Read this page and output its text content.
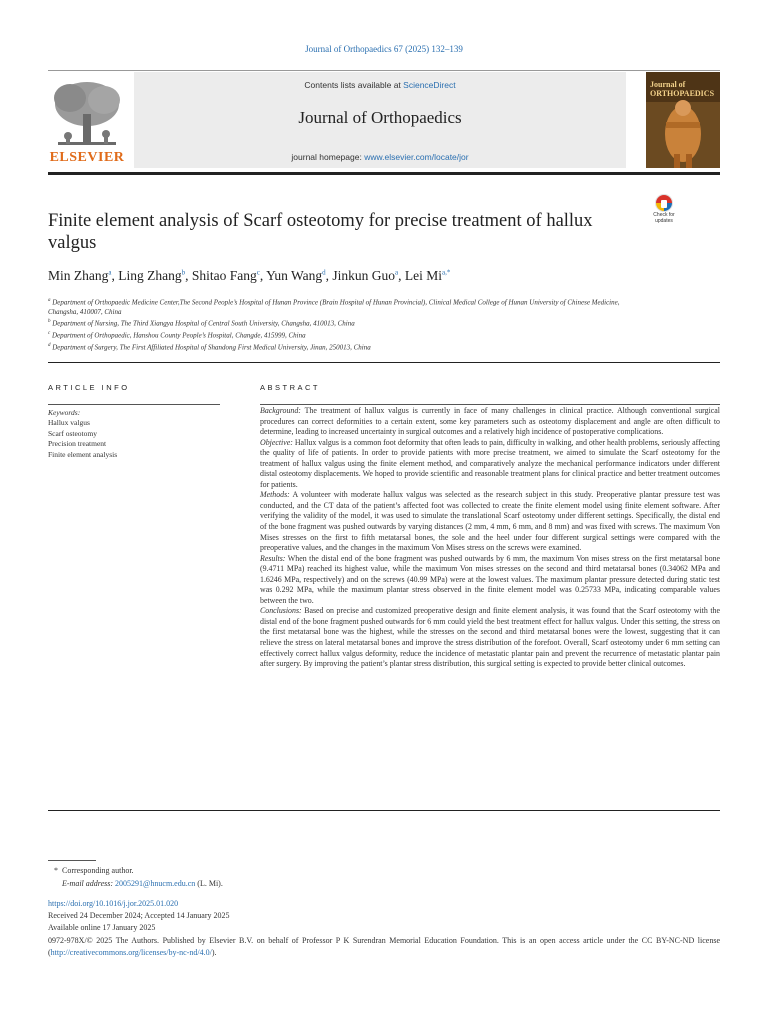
Journal of Orthopaedics 67 (2025) 132–139
ELSEVIER
Contents lists available at ScienceDirect
Journal of Orthopaedics
journal homepage: www.elsevier.com/locate/jor
Journal of ORTHOPAEDICS
Finite element analysis of Scarf osteotomy for precise treatment of hallux valgus
Check for updates
Min Zhang$^a$, Ling Zhang$^b$, Shitao Fang$^c$, Yun Wang$^d$, Jinkun Guo$^a$, Lei $Mi^{a,*}$
$^a$ Department of Orthopaedic Medicine Center,The Second People’s Hospital of Hunan Province (Brain Hospital of Hunan Provincial), Clinical Medical College of Hunan University of Chinese Medicine, Changsha, 410007, China
$^b$ Department of Nursing, The Third Xiangya Hospital of Central South University, Changsha, 410013, China
$^c$ Department of Orthopaedic, Hanshou County People’s Hospital, Changde, 415999, China
$^d$ Department of Surgery, The First Affiliated Hospital of Shandong First Medical University, Jinan, 250013, China
ARTICLE INFO
Keywords:
Hallux valgus
Scarf osteotomy
Precision treatment
Finite element analysis
ABSTRACT

Background: The treatment of hallux valgus is currently in face of many challenges in clinical practice. Although conventional surgical procedures can correct deformities to a certain extent, some key parameters such as osteotomy displacement and angle are often difficult to determine, leading to increased uncertainty in surgical outcomes and a relatively high incidence of postoperative complications.

Objective: Hallux valgus is a common foot deformity that often leads to pain, difficulty in walking, and other health problems, seriously affecting the quality of life of patients. In order to provide patients with more precise treatment, we aimed to simulate the Scarf osteotomy for the treatment of hallux valgus using the finite element method, and comparatively analyze the mechanical performance indicators under different distal osteotomy displacements. We hoped to provide scientific and reasonable treatment plans for clinical practice and better treatment outcomes for patients.

Methods: A volunteer with moderate hallux valgus was selected as the research subject in this study. Preoperative plantar pressure test was conducted, and the CT data of the patient’s affected foot was collected to create the finite element model using finite element software. After verifying the validity of the model, it was used to simulate the translational Scarf osteotomy under different settings. Specifically, the distal end of the bone fragment was pushed outwards by varying distances (2 mm, 4 mm, 6 mm, and 8 mm) and was fixed with screws. The maximum Von Mises stresses on the first to fifth metatarsal bones, the sole and the heel under four different surgical settings were compared with the preoperative values, and the changes in the maximum Von Mises stress on the screws were examined.

Results: When the distal end of the bone fragment was pushed outwards by 6 mm, the maximum Von mises stress on the first metatarsal bone (9.4711 MPa) reached its highest value, while the maximum Von mises stresses on the second and third metatarsal bones (0.34062 MPa and 1.6246 MPa, respectively) and on the screws (40.99 MPa) were at the lowest values. The maximum plantar pressure detected during static test was 0.292 MPa, while the maximum plantar stress observed in the finite element model was 0.25733 MPa, indicating comparable values between the two.

Conclusions: Based on precise and customized preoperative design and finite element analysis, it was found that the Scarf osteotomy with the distal end of the bone fragment pushed outwards for 6 mm could yield the best treatment effect for hallux valgus. Under this setting, the stress on the first metatarsal bone was the highest, while the stresses on the second and third metatarsal bones were the lowest, suggesting that it can relieve the stress on lateral metatarsal bones and improve the stress distribution of the forefoot. Overall, Scarf osteotomy under 6 mm setting can effectively correct hallux valgus deformity, reduce the incidence of metastatic plantar pain and prevent the recurrence of metastatic plantar pain after surgery. By improving the patient’s plantar stress distribution, this surgical setting is expected to provide better clinical outcomes.

* Corresponding author.
E-mail address: 2005291@hnucm.edu.cn (L. Mi).
https://doi.org/10.1016/j.jor.2025.01.020
Received 24 December 2024; Accepted 14 January 2025
Available online 17 January 2025
0972-978X/© 2025 The Authors. Published by Elsevier B.V. on behalf of Professor P K Surendran Memorial Education Foundation. This is an open access article under the CC BY-NC-ND license (http://creativecommons.org/licenses/by-nc-nd/4.0/).
